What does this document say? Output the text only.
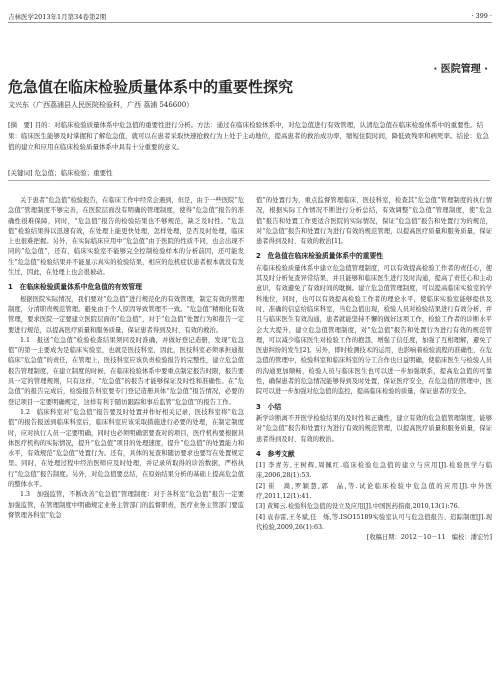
吉林医学2013年1月第34卷第2期	· 399 ·
· 医院管理 ·
危急值在临床检验质量体系中的重要性探究
文兴东（广西荔浦县人民医院检验科，广西 荔浦 546600）
[摘　要] 目的：对临床检验质量体系中危急值的重要性进行分析。方法：通过在临床检验体系中，对危急值进行有效管理，认清危急值在临床检验体系中的重要性。结果：临床医生能够及时掌握和了解危急值，就可以在患者采取快速抢救行为上处于主动地位，提高患者的救治成功率，缩短住院时间，降低致残率和病死率。结论：危急值的建立和应用在临床检验质量体系中具有十分重要的意义。
[关键词] 危急值；临床检验；重要性

关于患者“危急值”检验报告，在临床工作中经常会遇到，但是，由于一些医院“危急值”管理制度不够完善，在医院层面没有明确的管理制度，使得“危急值”报告的准确性很难保障，同时，“危急值”报告的检验结果也不够规范，缺乏及时性。“危急值”检验结果得以迅速有效，在处理上能更快处理，怎样处理，是否及时处理，临床上也很难把握。另外，在实际临床应用中“危急值”由于医院的性质不同，也会出现不同的“危急值”，还有，临床实验室不能够完全控制检验样本的分析前因，还可能发生“危急值”检验结果并不能显示真实的检验结果，相应的危机症状患者根本就没有发生过，因此，在处理上也会很被动。

1　在临床检验质量体系中危急值的有效管理

根据医院实际情况，我们要对“危急值”进行规范化的有效管理，制定有效的管理制度，分清职责规范管理。避免由于个人原因导致管理不一致。“危急值”精细化有效管理，要求医院一定要建立医院层面的“危急值”，对于“危急值”处置行为和报告一定要进行规范，以提高医疗质量和服务质量，保证患者得到及时、有效的救治。

1.1　报送“危急值”检验检查结果须同及时准确，并做好登记造册，发现“危急值”的第一主要成为是临床实验室，也就是医技科室，因此，医技科室必须承担通报临床“危急值”的责任，在管理上，医技科室应该负责检验报告的完整性，建立危急值报告管理制度，在建立制度的时候，在临床检验体系中要重点制定报告时限，报告要具一定的管理规则，只有这样，“危急值”的报告才能够保证及时性和准确性。在“危急值”的报告完成后，检验报告科室要专门登记造册具体“危急值”报告情况，必要的登记项目一定要明确规定，这样有利于随访跟踪和事后监管“危急值”的报告工作。

1.2　临床科室对“危急值”报告要及时处置并作好相关记录，医技科室将“危急值”的报告报送到临床科室后，临床科室应该采取措施进行必要的处理，在制定制度时，应对执行人员一定要明确，同时也必须明确需要查对的项目，医疗机构要根据具体医疗机构的实际情况，提升“危急值”项目的处理速度，提升“危急值”的处置能力和水平，有效规范“危急值”处置行为。还有，具体的复查和随访要求也要写在处置规定里。同时，在处理过程中经治医师应及时处理，并记录所取得的诊治数据，严格执行“危急值”报告制度。另外，对危急值要总结，在原始结果分析的基础上提高危急值的整体水平。

1.3　加强监管，不断改善“危急值”管理制度：对于各科室“危急值”报告一定要加强监管，在管理制度中明确规定业务主管部门的监督职责，医疗业务主管部门要监督管理各科室“危急

值”的处置行为，重点监督管理临床、医技科室，检查其“危急值”管理制度的执行情况，根据实际工作情况不断进行分析总结，有效调整“危急值”管理制度，使“危急值”报告和处置工作更适合医院的实际情况，保证“危急值”报告和处置行为的规范，对“危急值”报告和处置行为进行有效的规范管理，以提高医疗质量和服务质量，保证患者得到及时、有效的救治[1]。

2　危急值在临床检验质量体系中的重要性

在临床检验质量体系中建立危急值管理制度，可以有效提高检验工作者的责任心，使其及时分析复查异常结果，并且能够和临床医生进行及时沟通，提高了责任心和主动意识，有效避免了有效时间的耽搁。建立危急值管理制度，可以提高临床实验室的学科地位，同时，也可以有效提高检验工作者的理论水平，使临床实验室能够提供及时、准确的信息给临床科室，当危急值出现，检验人员对检验结果进行有效分析，并且与临床医生有效沟通，患者就能坚持不懈的做好这项工作，检验工作者的诊断水平会大大提升，建立危急值管理制度，对“危急值”报告和处置行为进行有效的规范管理，可以减少临床医生对检验工作的抱怨，增强了信任度，加强了互相理解，避免了医患纠纷的发生[2]。另外，即时检测技术的运用，也影响着检验流程的准确性，在危急值的管理中，检验科室和临床科室的分工合作也日益明确，使临床医生与检验人员的沟通更加顺畅，检验人员与临床医生也可以进一步加强联系，提高危急值的可靠性，确保患者的危急情况能够得到及时处置，保证医疗安全，在危急值的管理中，医院可以进一步加强对危急值的监控，提高临床检验的质量，保证患者的安全。

3　小结

新学诊断离不开医学检验结果的及时性和正确性，建立有效的危急值管理制度，能够对“危急值”报告和处置行为进行有效的规范管理，以提高医疗质量和服务质量，保证患者得到及时、有效的救治。

4　参考文献

[1] 李青芳,王树辉,周佩红.临床检验危急值的建立与应用[J].检验医学与临床,2006,28(1):53.

[2] 崔　嵩,罗颖慧,郭　晶,等.试论临床检验中危急值的应用[J].中外医疗,2011,12(1):41.

[3] 黄辉云.检验科危急值的设立及应用[J].中国医药指南,2010,13(1):76.

[4] 袁春雷,王冬斌,任　烁,等.ISO15189实验室认可与危急值报告、追踪制度[J].现代检验,2009,26(1):63.

[收稿日期：2012－10－11　编校：潘宏竹]
